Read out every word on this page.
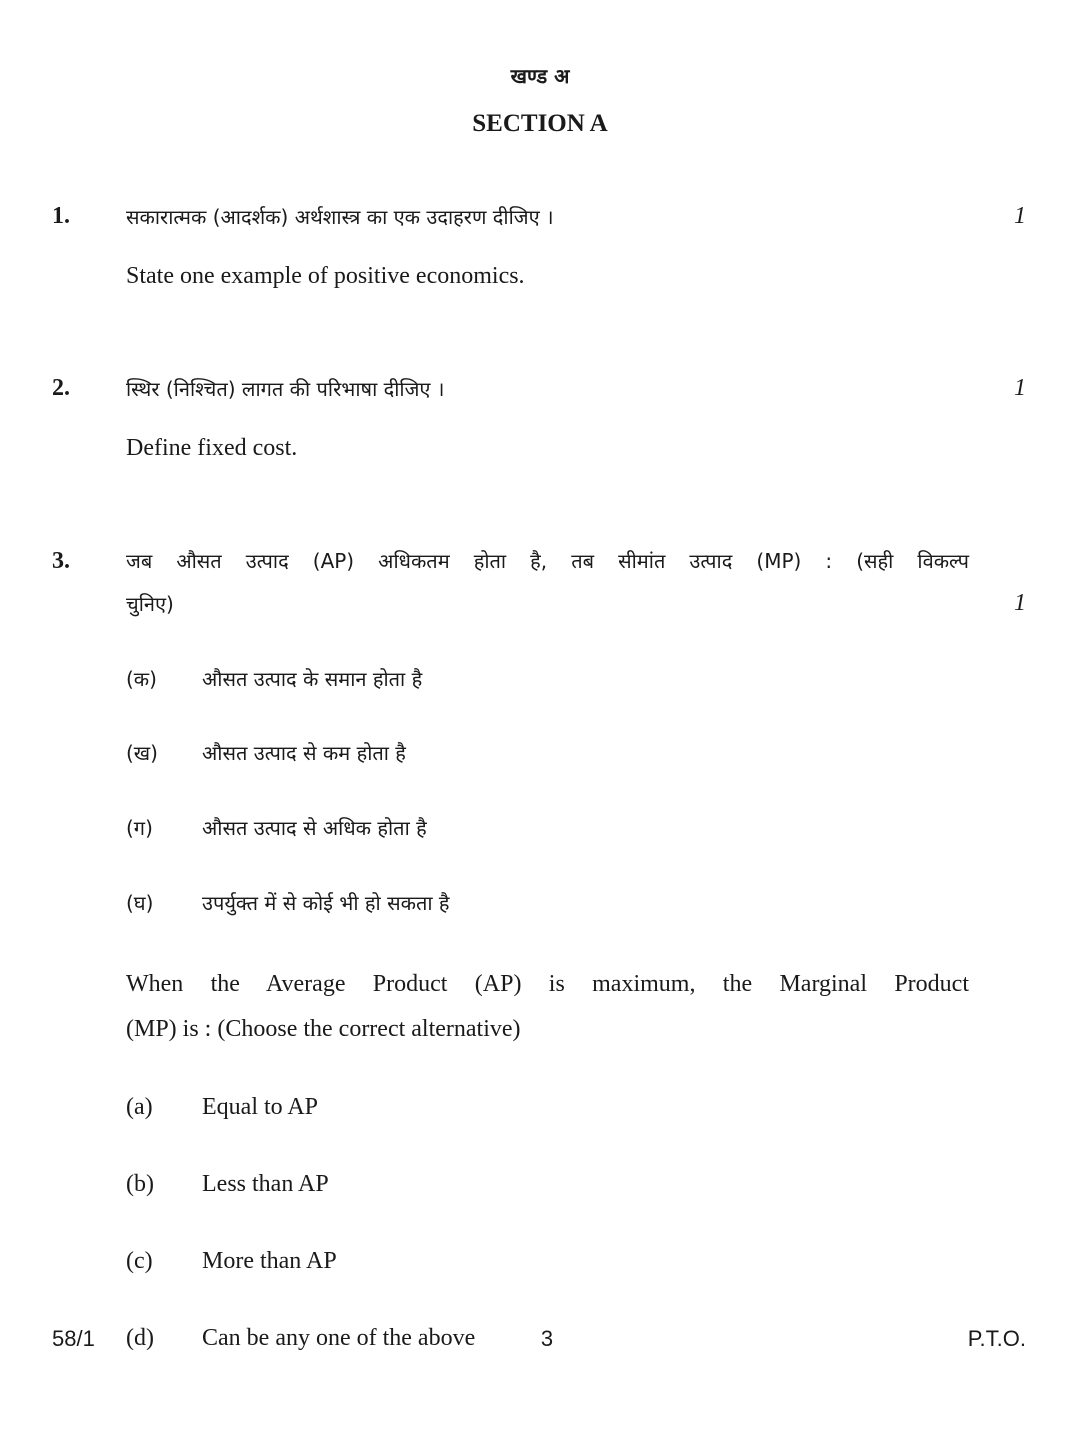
खण्ड अ
SECTION A
1.	सकारात्मक (आदर्शक) अर्थशास्त्र का एक उदाहरण दीजिए ।	1
State one example of positive economics.
2.	स्थिर (निश्चित) लागत की परिभाषा दीजिए ।	1
Define fixed cost.
3.	जब औसत उत्पाद (AP) अधिकतम होता है, तब सीमांत उत्पाद (MP) : (सही विकल्प
चुनिए)	1
(क) औसत उत्पाद के समान होता है
(ख) औसत उत्पाद से कम होता है
(ग) औसत उत्पाद से अधिक होता है
(घ) उपर्युक्त में से कोई भी हो सकता है
When the Average Product (AP) is maximum, the Marginal Product
(MP) is : (Choose the correct alternative)
(a) Equal to AP
(b) Less than AP
(c) More than AP
(d) Can be any one of the above
58/1	3	P.T.O.
